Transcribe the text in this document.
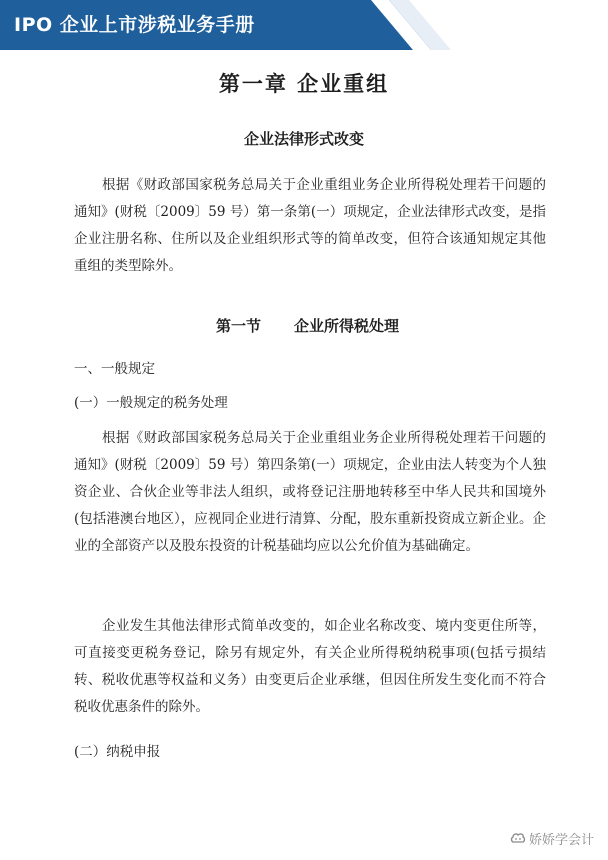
IPO 企业上市涉税业务手册
第一章 企业重组
企业法律形式改变

根据《财政部国家税务总局关于企业重组业务企业所得税处理若干问题的通知》(财税〔2009〕59 号）第一条第(一）项规定，企业法律形式改变，是指企业注册名称、住所以及企业组织形式等的简单改变，但符合该通知规定其他重组的类型除外。

第一节 企业所得税处理
一、一般规定
(一）一般规定的税务处理

根据《财政部国家税务总局关于企业重组业务企业所得税处理若干问题的通知》(财税〔2009〕59 号）第四条第(一）项规定，企业由法人转变为个人独资企业、合伙企业等非法人组织，或将登记注册地转移至中华人民共和国境外(包括港澳台地区），应视同企业进行清算、分配，股东重新投资成立新企业。企业的全部资产以及股东投资的计税基础均应以公允价值为基础确定。

企业发生其他法律形式简单改变的，如企业名称改变、境内变更住所等，可直接变更税务登记，除另有规定外，有关企业所得税纳税事项(包括亏损结转、税收优惠等权益和义务）由变更后企业承继，但因住所发生变化而不符合税收优惠条件的除外。

(二）纳税申报
娇娇学会计
